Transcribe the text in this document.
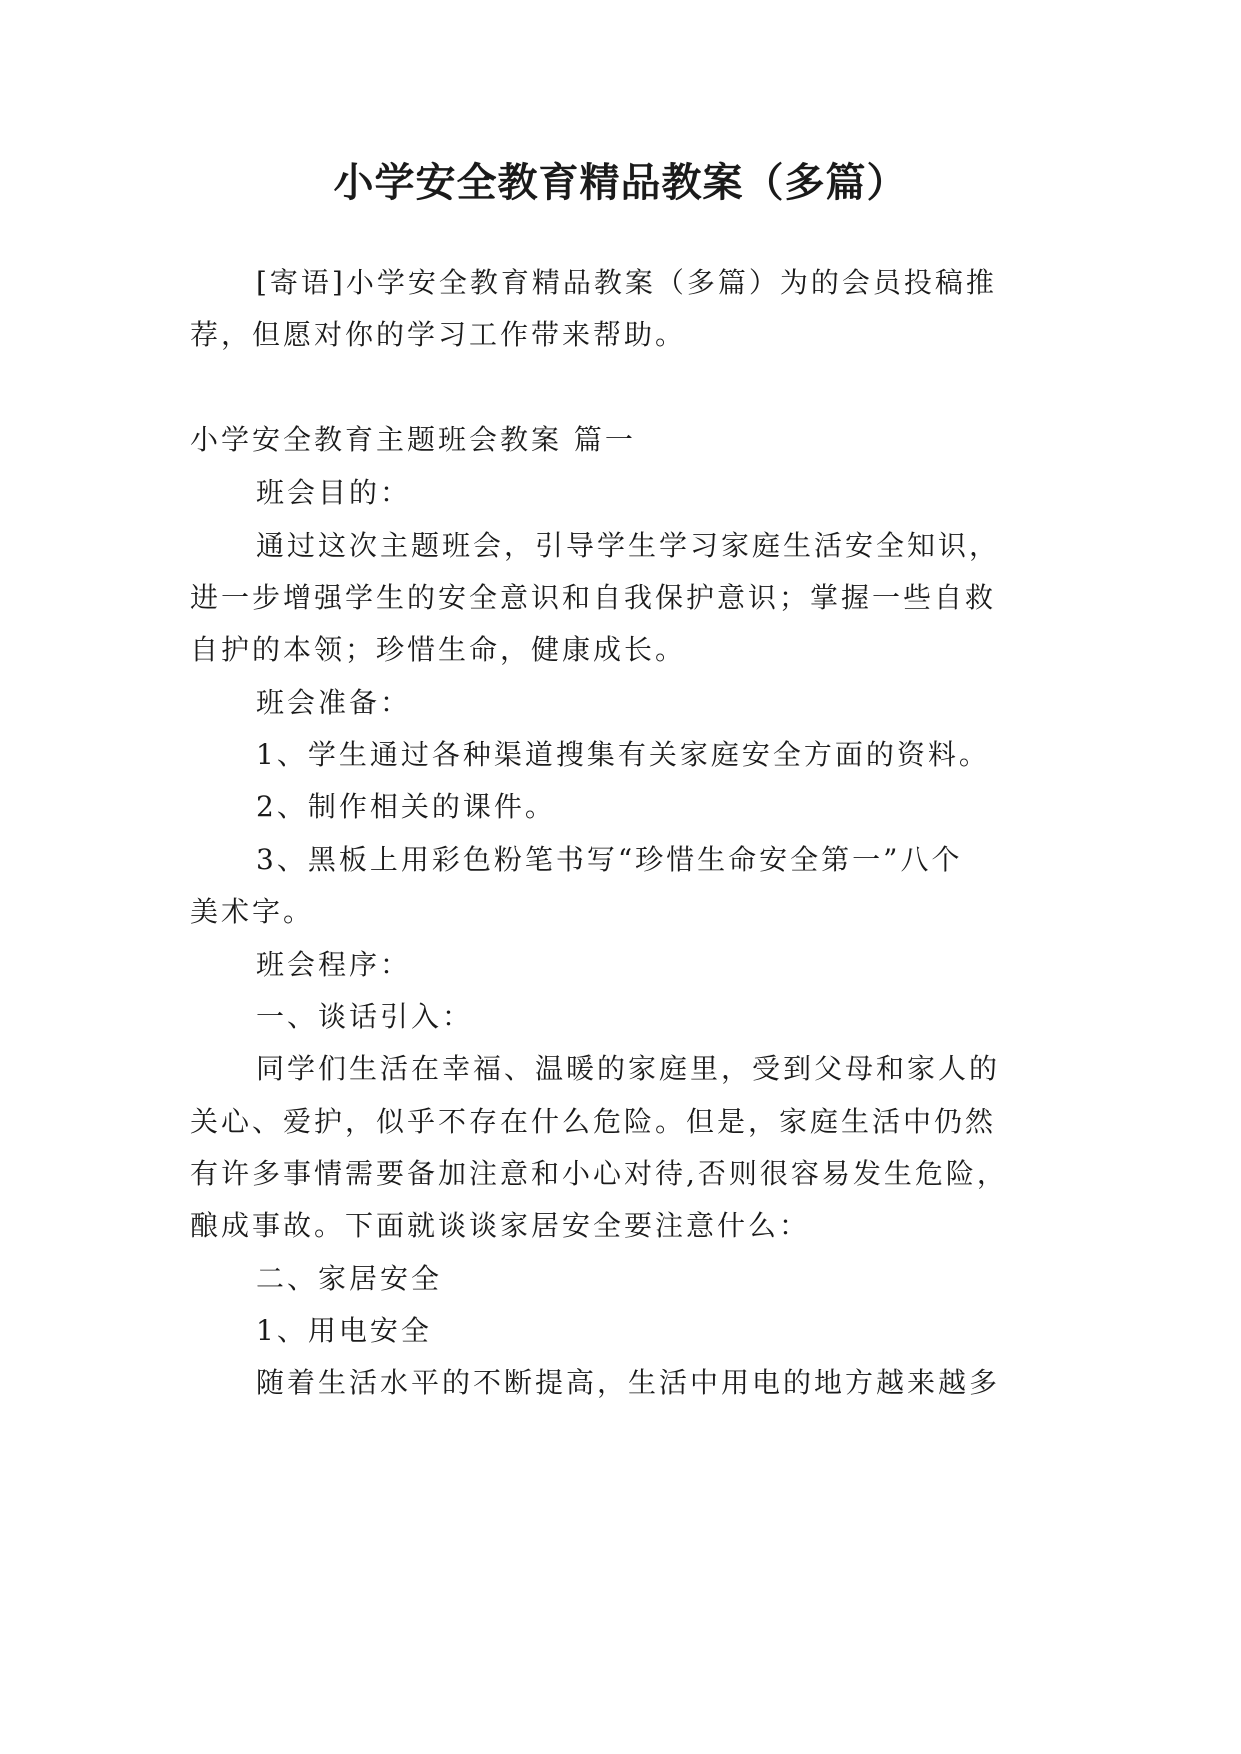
小学安全教育精品教案（多篇）

[寄语]小学安全教育精品教案（多篇）为的会员投稿推

荐，但愿对你的学习工作带来帮助。

小学安全教育主题班会教案 篇一

班会目的：

通过这次主题班会，引导学生学习家庭生活安全知识，

进一步增强学生的安全意识和自我保护意识；掌握一些自救

自护的本领；珍惜生命，健康成长。

班会准备：

1、学生通过各种渠道搜集有关家庭安全方面的资料。

2、制作相关的课件。

3、黑板上用彩色粉笔书写“珍惜生命安全第一”八个

美术字。

班会程序：

一、谈话引入：

同学们生活在幸福、温暖的家庭里，受到父母和家人的

关心、爱护，似乎不存在什么危险。但是，家庭生活中仍然

有许多事情需要备加注意和小心对待,否则很容易发生危险，

酿成事故。下面就谈谈家居安全要注意什么：

二、家居安全

1、用电安全

随着生活水平的不断提高，生活中用电的地方越来越多
